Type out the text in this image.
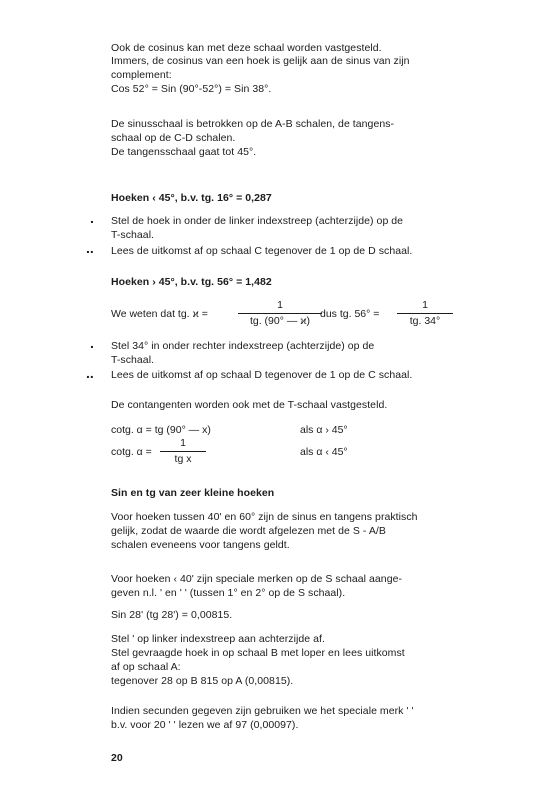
Ook de cosinus kan met deze schaal worden vastgesteld.
Immers, de cosinus van een hoek is gelijk aan de sinus van zijn
complement:
Cos 52° = Sin (90°-52°) = Sin 38°.
De sinusschaal is betrokken op de A-B schalen, de tangens-
schaal op de C-D schalen.
De tangensschaal gaat tot 45°.
Hoeken ‹ 45°, b.v. tg. 16° = 0,287
. Stel de hoek in onder de linker indexstreep (achterzijde) op de
T-schaal.
.. Lees de uitkomst af op schaal C tegenover de 1 op de D schaal.
Hoeken › 45°, b.v. tg. 56° = 1,482
We weten dat tg. ϰ =	$\frac{1}{tg. (90^\circ — ϰ)}$
dus tg. $56^\circ = \frac{1}{tg. 34^\circ}$
. Stel 34° in onder rechter indexstreep (achterzijde) op de
T-schaal.
.. Lees de uitkomst af op schaal D tegenover de 1 op de C schaal.
De contangenten worden ook met de T-schaal vastgesteld.
cotg. α = tg (90° — x)	als α › 45°
cotg. $\alpha = \frac{1}{\text{tg x}}$	als α ‹ 45°
Sin en tg van zeer kleine hoeken
Voor hoeken tussen 40' en 60° zijn de sinus en tangens praktisch
gelijk, zodat de waarde die wordt afgelezen met de S - A/B
schalen eveneens voor tangens geldt.
Voor hoeken ‹ 40' zijn speciale merken op de S schaal aange-
geven n.l. ' en ' ' (tussen 1° en 2° op de S schaal).
Sin 28' (tg 28') = 0,00815.
Stel ' op linker indexstreep aan achterzijde af.
Stel gevraagde hoek in op schaal B met loper en lees uitkomst
af op schaal A:
tegenover 28 op B 815 op A (0,00815).
Indien secunden gegeven zijn gebruiken we het speciale merk ' '
b.v. voor 20 ' ' lezen we af 97 (0,00097).
20
